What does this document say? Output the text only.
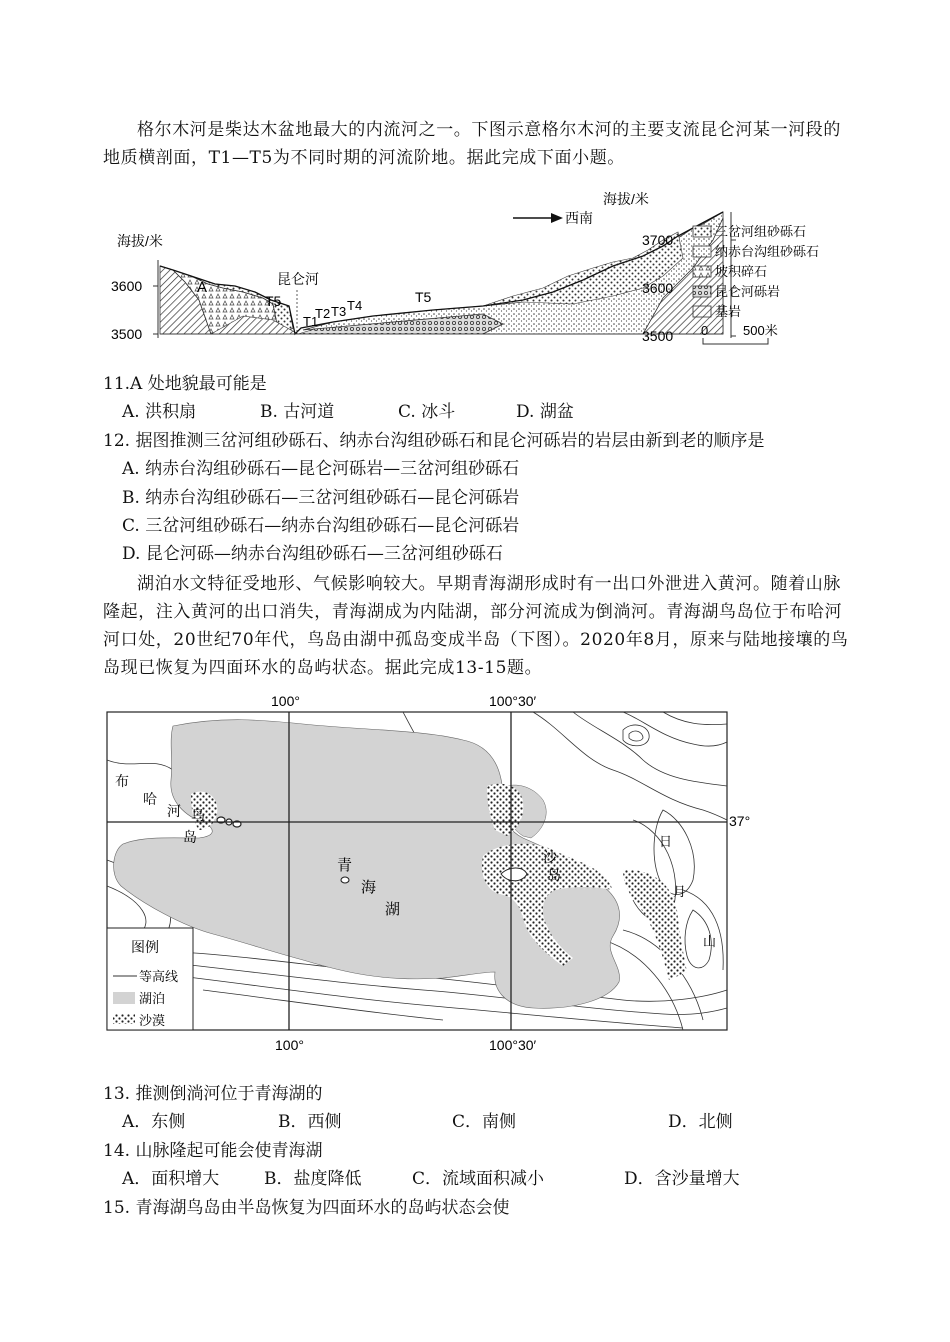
格尔木河是柴达木盆地最大的内流河之一。下图示意格尔木河的主要支流昆仑河某一河段的地质横剖面，T1—T5为不同时期的河流阶地。据此完成下面小题。
海拔/米
3600
3500
A	昆仑河
T5
T1
T2 T3 T4
T5
西南
海拔/米
3700
3600
3500
三岔河组砂砾石
纳赤台沟组砂砾石
坡积碎石
昆仑河砾岩
基岩
0	500米
11.A 处地貌最可能是
A. 洪积扇	B. 古河道	C. 冰斗	D. 湖盆
12. 据图推测三岔河组砂砾石、纳赤台沟组砂砾石和昆仑河砾岩的岩层由新到老的顺序是
A. 纳赤台沟组砂砾石—昆仑河砾岩—三岔河组砂砾石
B. 纳赤台沟组砂砾石—三岔河组砂砾石—昆仑河砾岩
C. 三岔河组砂砾石—纳赤台沟组砂砾石—昆仑河砾岩
D. 昆仑河砾—纳赤台沟组砂砾石—三岔河组砂砾石
湖泊水文特征受地形、气候影响较大。早期青海湖形成时有一出口外泄进入黄河。随着山脉隆起，注入黄河的出口消失，青海湖成为内陆湖，部分河流成为倒淌河。青海湖鸟岛位于布哈河河口处，20世纪70年代，鸟岛由湖中孤岛变成半岛（下图）。2020年8月，原来与陆地接壤的鸟岛现已恢复为四面环水的岛屿状态。据此完成13-15题。
100°	100°30′
37°
布
哈
河 鸟
岛
青
海
湖
沙
岛
日
月
山
图例
等高线
湖泊
沙漠
100°	100°30′
13. 推测倒淌河位于青海湖的
A．东侧	B．西侧	C．南侧	D．北侧
14. 山脉隆起可能会使青海湖
A．面积增大	B．盐度降低	C．流域面积减小	D．含沙量增大
15. 青海湖鸟岛由半岛恢复为四面环水的岛屿状态会使
